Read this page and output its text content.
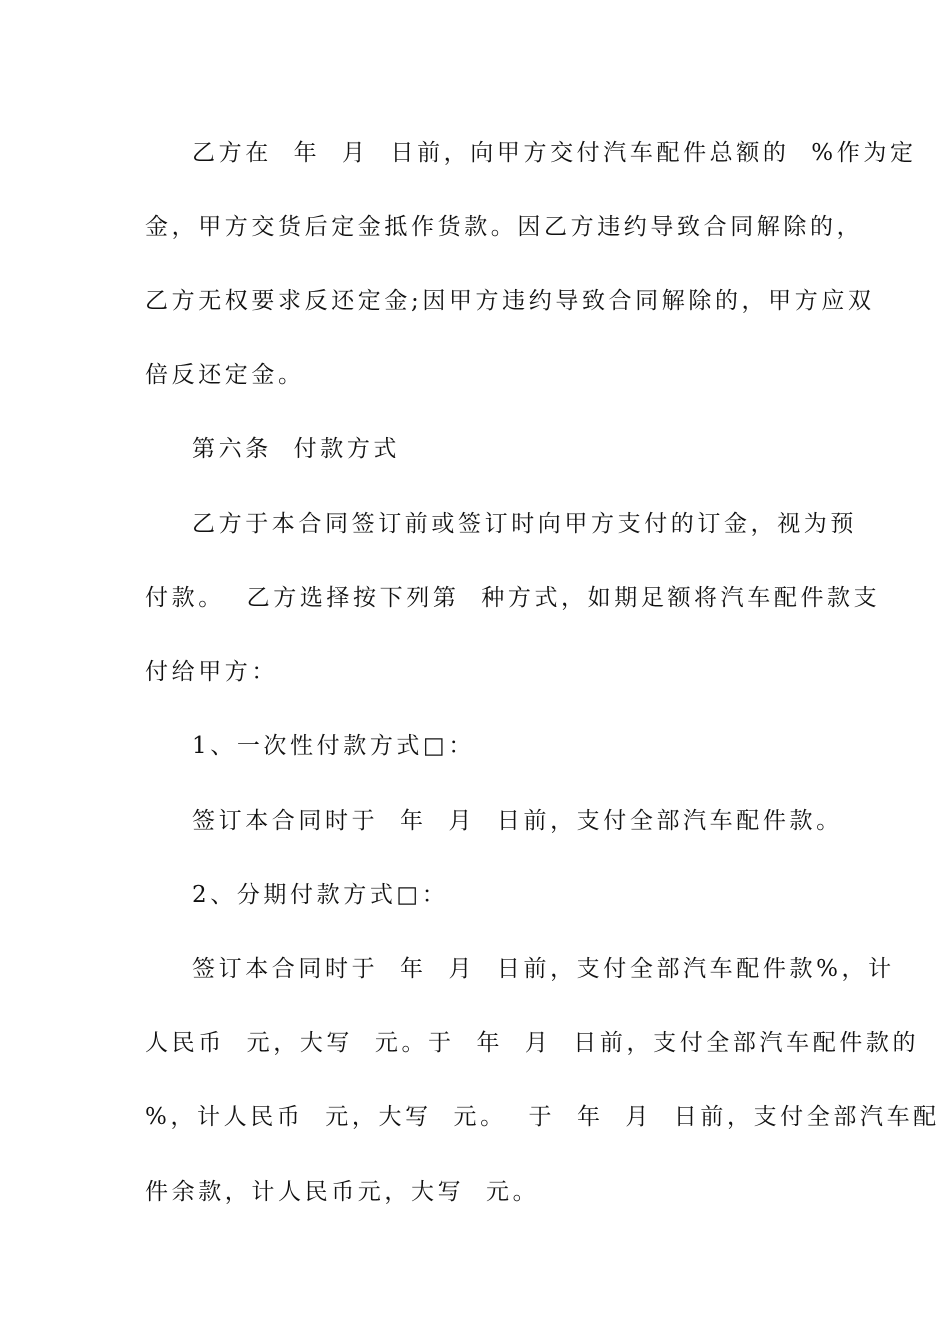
乙方在  年  月  日前，向甲方交付汽车配件总额的  %作为定
金，甲方交货后定金抵作货款。因乙方违约导致合同解除的，
乙方无权要求反还定金;因甲方违约导致合同解除的，甲方应双
倍反还定金。
第六条  付款方式
乙方于本合同签订前或签订时向甲方支付的订金，视为预
付款。  乙方选择按下列第  种方式，如期足额将汽车配件款支
付给甲方：
1、一次性付款方式□：
签订本合同时于  年  月  日前，支付全部汽车配件款。
2、分期付款方式□：
签订本合同时于  年  月  日前，支付全部汽车配件款%，计
人民币  元，大写  元。于  年  月  日前，支付全部汽车配件款的
%，计人民币  元，大写  元。  于  年  月  日前，支付全部汽车配
件余款，计人民币元，大写  元。
